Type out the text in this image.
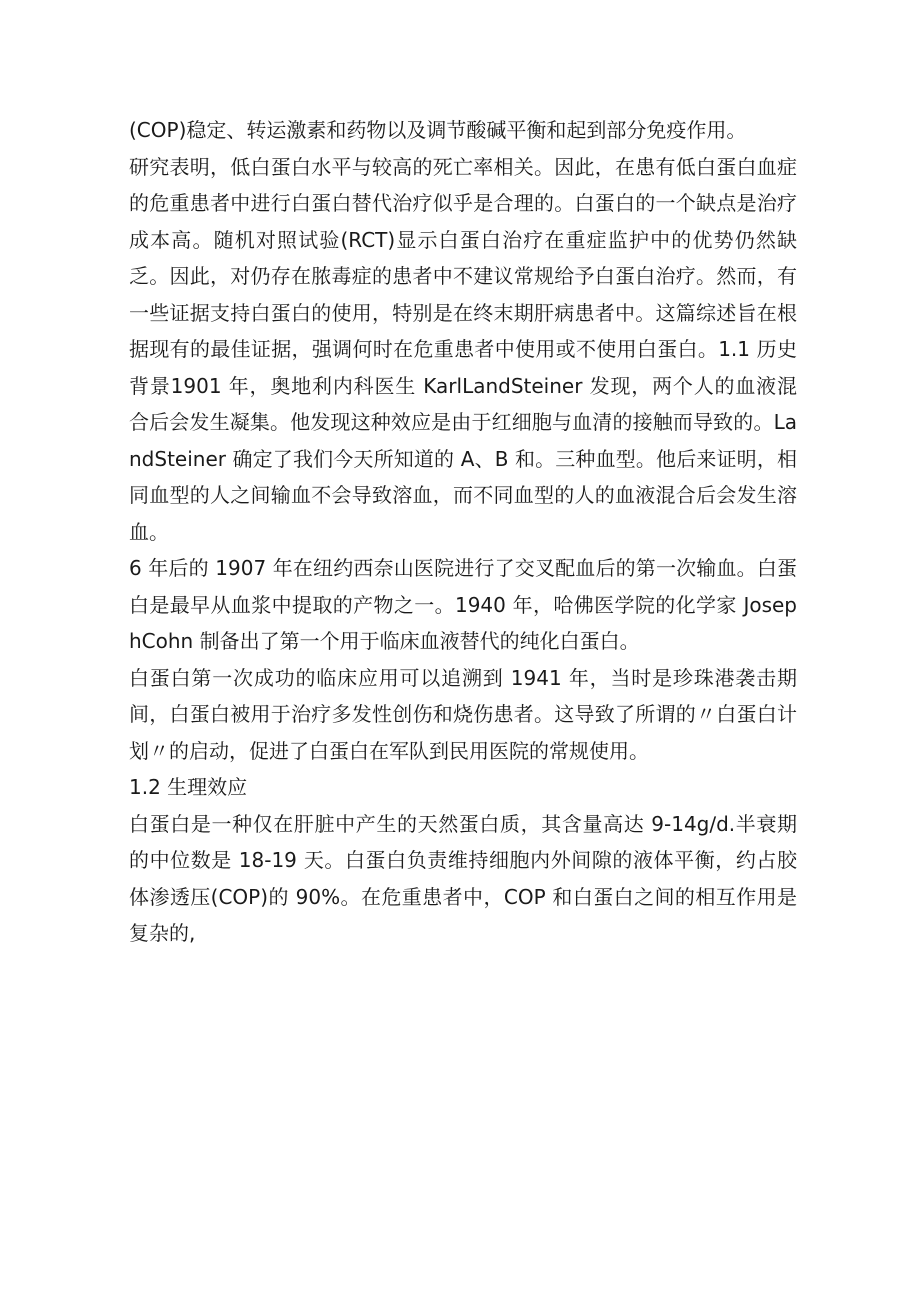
(COP)稳定、转运激素和药物以及调节酸碱平衡和起到部分免疫作用。

研究表明，低白蛋白水平与较高的死亡率相关。因此，在患有低白蛋白血症的危重患者中进行白蛋白替代治疗似乎是合理的。白蛋白的一个缺点是治疗成本高。随机对照试验(RCT)显示白蛋白治疗在重症监护中的优势仍然缺乏。因此，对仍存在脓毒症的患者中不建议常规给予白蛋白治疗。然而，有一些证据支持白蛋白的使用，特别是在终末期肝病患者中。这篇综述旨在根据现有的最佳证据，强调何时在危重患者中使用或不使用白蛋白。1.1 历史背景1901 年，奥地利内科医生 KarlLandSteiner 发现，两个人的血液混合后会发生凝集。他发现这种效应是由于红细胞与血清的接触而导致的。LandSteiner 确定了我们今天所知道的 A、B 和。三种血型。他后来证明，相同血型的人之间输血不会导致溶血，而不同血型的人的血液混合后会发生溶血。

6 年后的 1907 年在纽约西奈山医院进行了交叉配血后的第一次输血。白蛋白是最早从血浆中提取的产物之一。1940 年，哈佛医学院的化学家 JosephCohn 制备出了第一个用于临床血液替代的纯化白蛋白。

白蛋白第一次成功的临床应用可以追溯到 1941 年，当时是珍珠港袭击期间，白蛋白被用于治疗多发性创伤和烧伤患者。这导致了所谓的〃白蛋白计划〃的启动，促进了白蛋白在军队到民用医院的常规使用。

1.2 生理效应

白蛋白是一种仅在肝脏中产生的天然蛋白质，其含量高达 9-14g∕d.半衰期的中位数是 18-19 天。白蛋白负责维持细胞内外间隙的液体平衡，约占胶体渗透压(COP)的 90%。在危重患者中，COP 和白蛋白之间的相互作用是复杂的,
